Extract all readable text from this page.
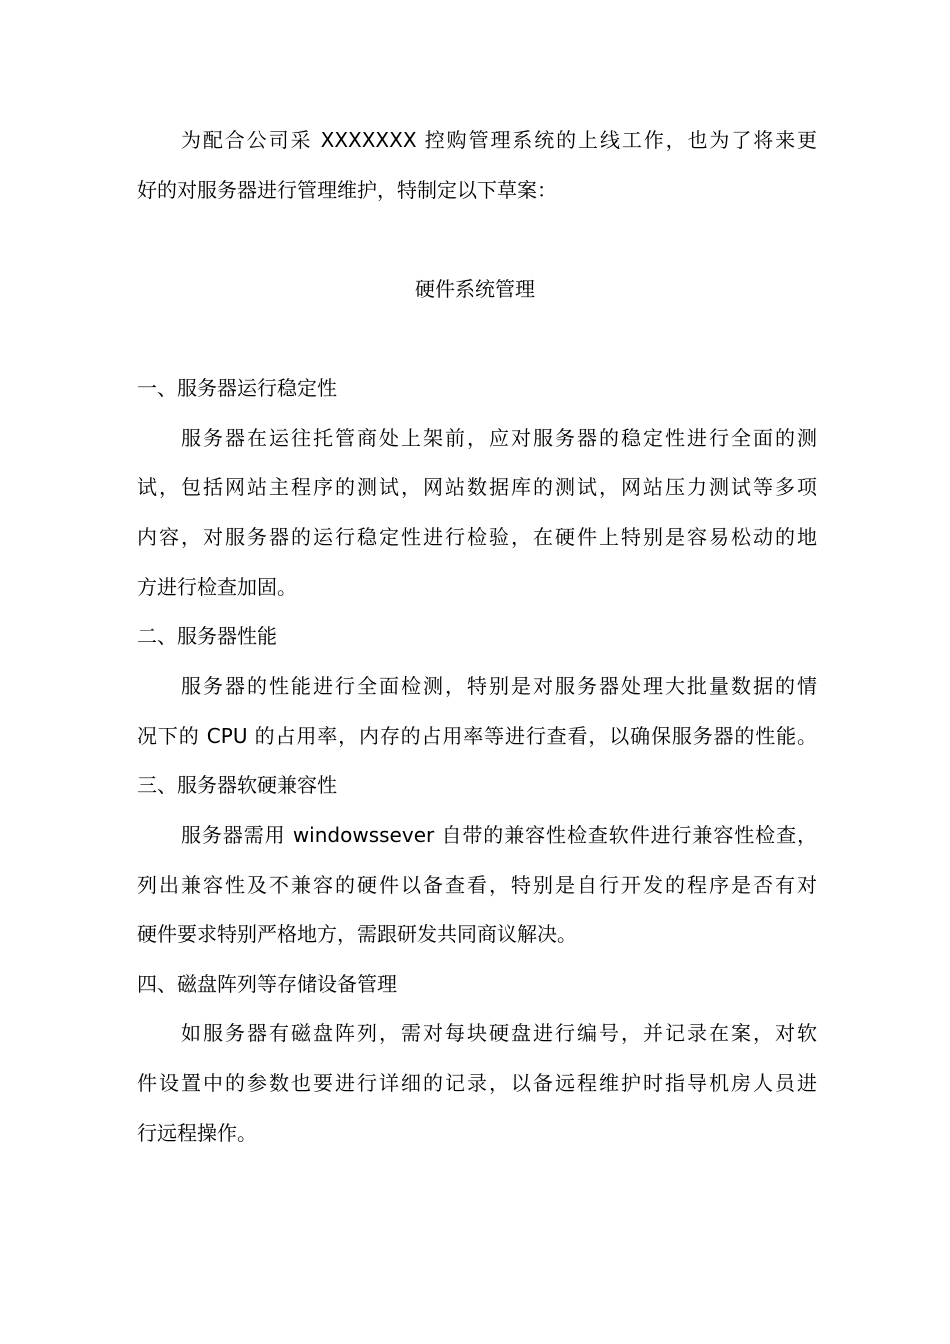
为配合公司采 XXXXXXX 控购管理系统的上线工作，也为了将来更
好的对服务器进行管理维护，特制定以下草案：
硬件系统管理
一、服务器运行稳定性
服务器在运往托管商处上架前，应对服务器的稳定性进行全面的测
试，包括网站主程序的测试，网站数据库的测试，网站压力测试等多项
内容，对服务器的运行稳定性进行检验，在硬件上特别是容易松动的地
方进行检查加固。
二、服务器性能
服务器的性能进行全面检测，特别是对服务器处理大批量数据的情
况下的 CPU 的占用率，内存的占用率等进行查看，以确保服务器的性能。
三、服务器软硬兼容性
服务器需用 windowssever 自带的兼容性检查软件进行兼容性检查，
列出兼容性及不兼容的硬件以备查看，特别是自行开发的程序是否有对
硬件要求特别严格地方，需跟研发共同商议解决。
四、磁盘阵列等存储设备管理
如服务器有磁盘阵列，需对每块硬盘进行编号，并记录在案，对软
件设置中的参数也要进行详细的记录，以备远程维护时指导机房人员进
行远程操作。
